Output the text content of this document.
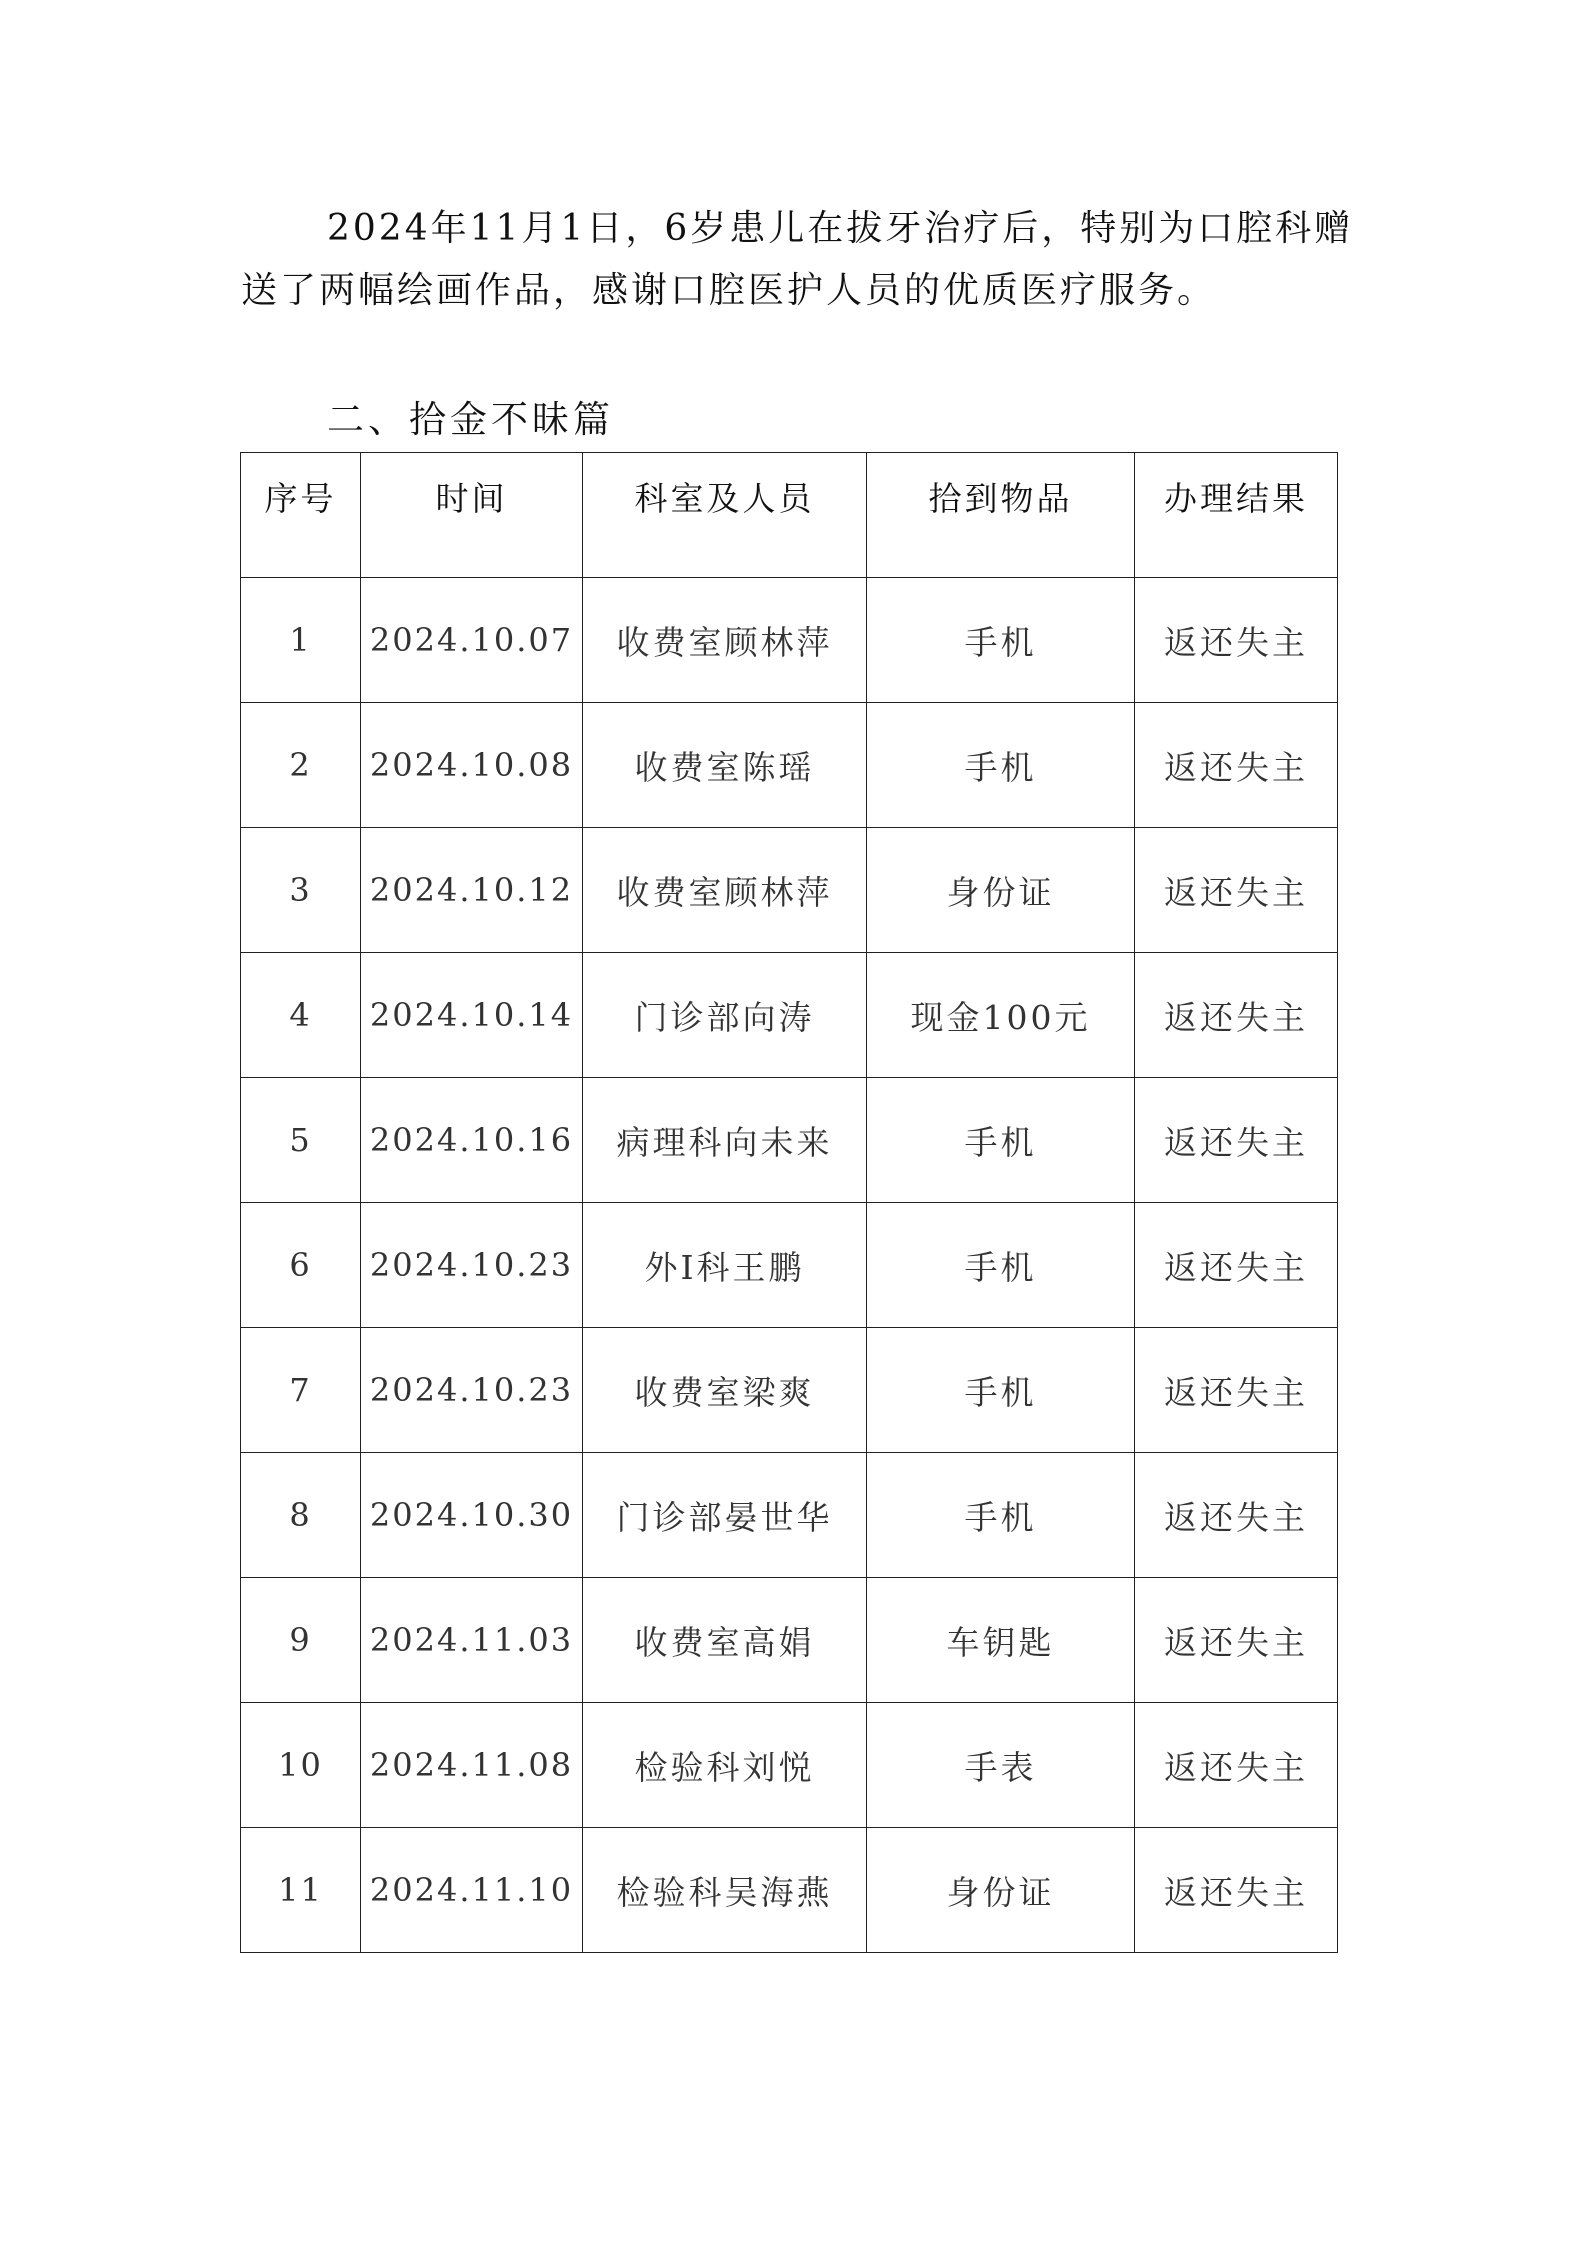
2024年11月1日，6岁患儿在拔牙治疗后，特别为口腔科赠送了两幅绘画作品，感谢口腔医护人员的优质医疗服务。

二、拾金不昧篇
序号	时间	科室及人员	拾到物品	办理结果
1	2024.10.07	收费室顾林萍	手机	返还失主
2	2024.10.08	收费室陈瑶	手机	返还失主
3	2024.10.12	收费室顾林萍	身份证	返还失主
4	2024.10.14	门诊部向涛	现金100元	返还失主
5	2024.10.16	病理科向未来	手机	返还失主
6	2024.10.23	外Ⅰ科王鹏	手机	返还失主
7	2024.10.23	收费室梁爽	手机	返还失主
8	2024.10.30	门诊部晏世华	手机	返还失主
9	2024.11.03	收费室高娟	车钥匙	返还失主
10	2024.11.08	检验科刘悦	手表	返还失主
11	2024.11.10	检验科吴海燕	身份证	返还失主
